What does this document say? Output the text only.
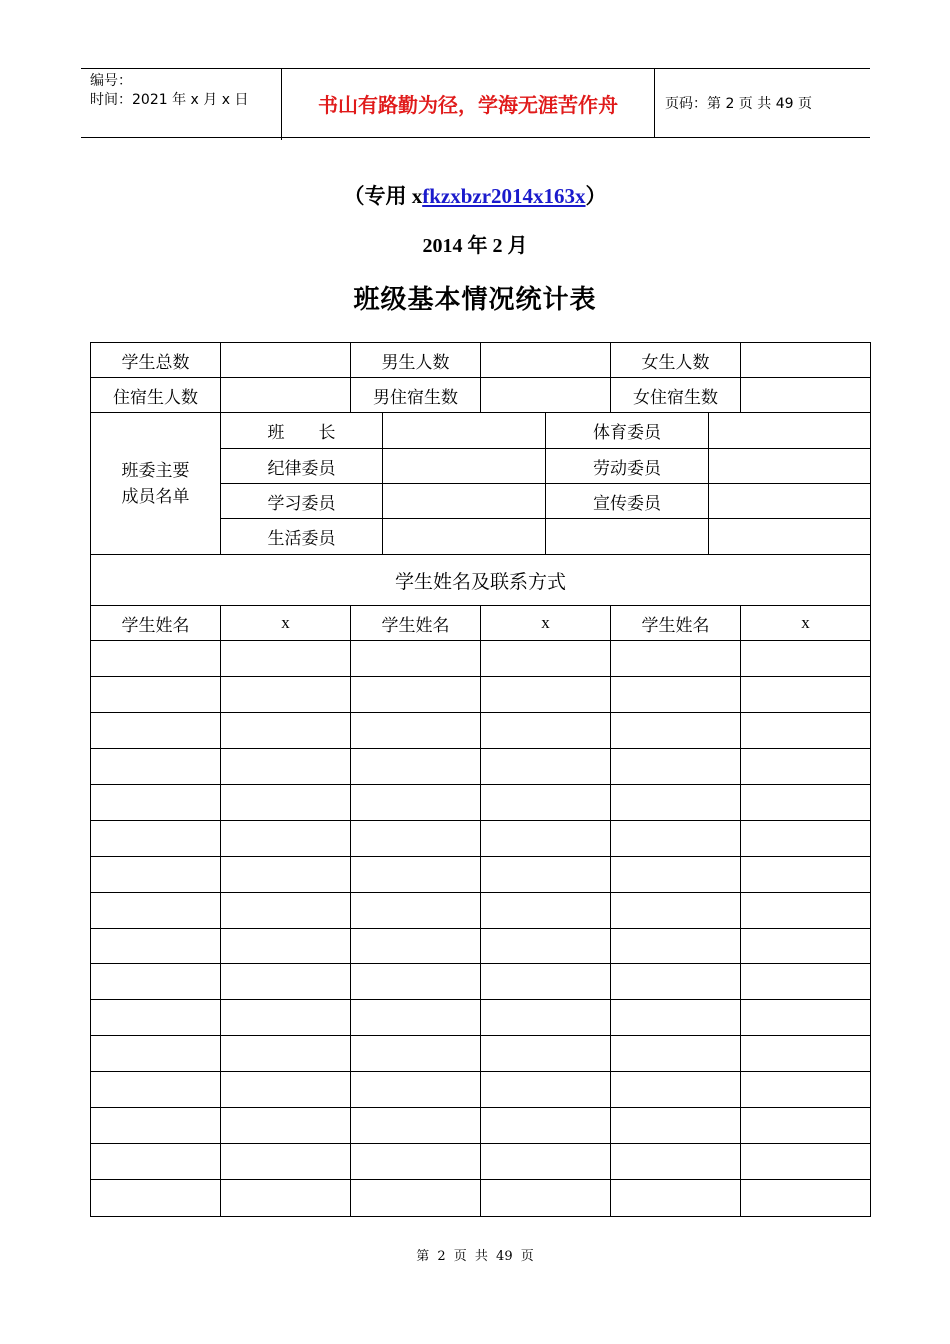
编号：
时间：2021 年 x 月 x 日	书山有路勤为径，学海无涯苦作舟	页码：第 2 页 共 49 页
（专用 xfkzxbzr2014x163x）
2014 年 2 月
班级基本情况统计表
学生总数	男生人数	女生人数
住宿生人数	男住宿生数	女住宿生数
班委主要
成员名单
班　　长	体育委员
纪律委员	劳动委员
学习委员	宣传委员
生活委员
学生姓名及联系方式
学生姓名	x	学生姓名	x	学生姓名	x
第 2 页 共 49 页
